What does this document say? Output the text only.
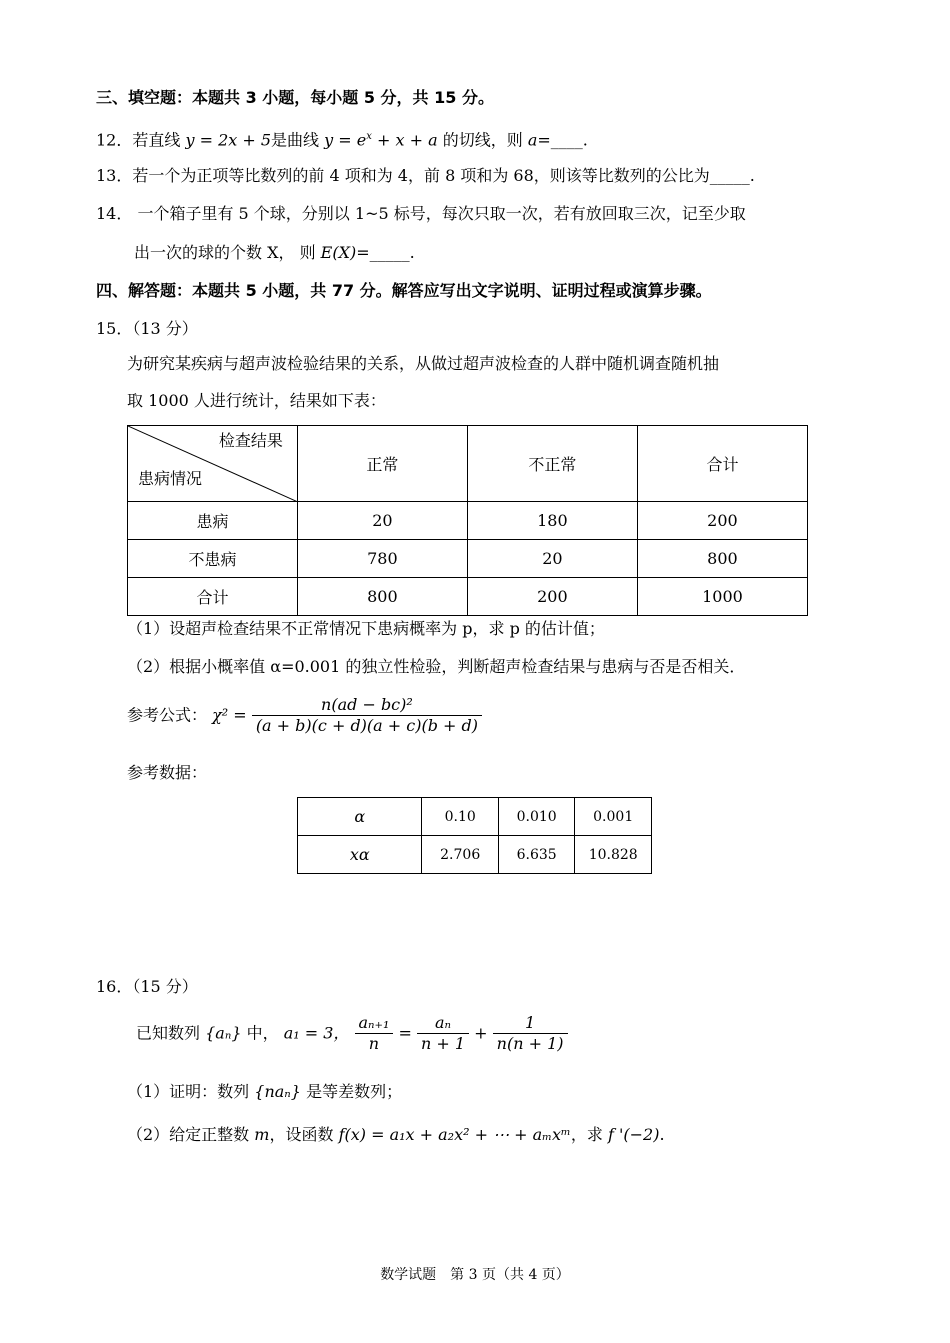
三、填空题：本题共 3 小题，每小题 5 分，共 15 分。
12．若直线 y = 2x + 5是曲线 $y = e^x + x + a$ 的切线，则 a=____.
13．若一个为正项等比数列的前 4 项和为 4，前 8 项和为 68，则该等比数列的公比为_____.
14． 一个箱子里有 5 个球，分别以 1~5 标号，每次只取一次，若有放回取三次，记至少取
出一次的球的个数 X， 则 E(X)=_____.
四、解答题：本题共 5 小题，共 77 分。解答应写出文字说明、证明过程或演算步骤。
15．（13 分）
为研究某疾病与超声波检验结果的关系，从做过超声波检查的人群中随机调查随机抽
取 1000 人进行统计，结果如下表：
检查结果
患病情况	正常	不正常	合计
患病	20	180	200
不患病	780	20	800
合计	800	200	1000
（1）设超声检查结果不正常情况下患病概率为 p，求 p 的估计值；
（2）根据小概率值 α=0.001 的独立性检验，判断超声检查结果与患病与否是否相关．
参考公式： $\chi^2 = \frac{\text{n(ad − bc)²}}{(a + b)(c + d)(a + c)(b + d)}$
参考数据：
α	0.10	0.010	0.001
xα	2.706	6.635	10.828
16．（15 分）
已知数列 {aₙ} 中， a₁ = 3， $\frac{\text{aₙ₊₁}}{n} = \frac{\text{aₙ}}{n + 1} + \frac{1}{n(n + 1)}$
（1）证明：数列 {naₙ} 是等差数列；
（2）给定正整数 m，设函数 f(x) = a₁x + a₂x² + ⋯ + aₘxᵐ，求 f '(−2).
数学试题　第 3 页（共 4 页）
